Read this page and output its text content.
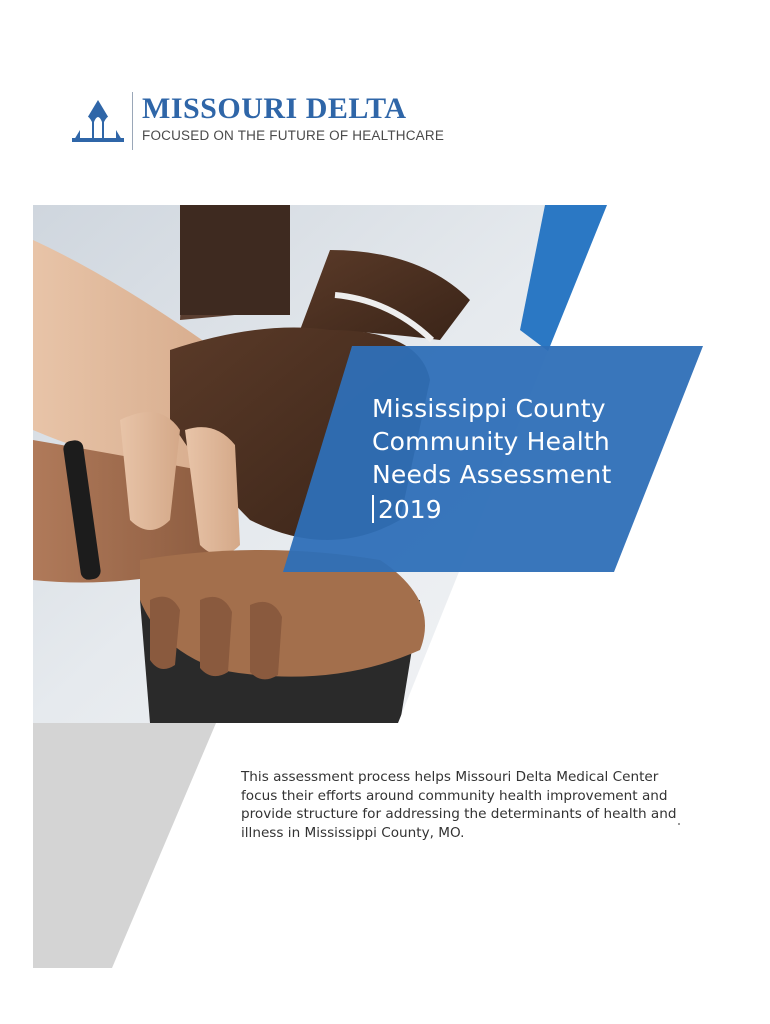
MISSOURI DELTA
FOCUSED ON THE FUTURE OF HEALTHCARE
Mississippi County
Community Health
Needs Assessment
2019

This assessment process helps Missouri Delta Medical Center focus their efforts around community health improvement and provide structure for addressing the determinants of health and illness in Mississippi County, MO.
